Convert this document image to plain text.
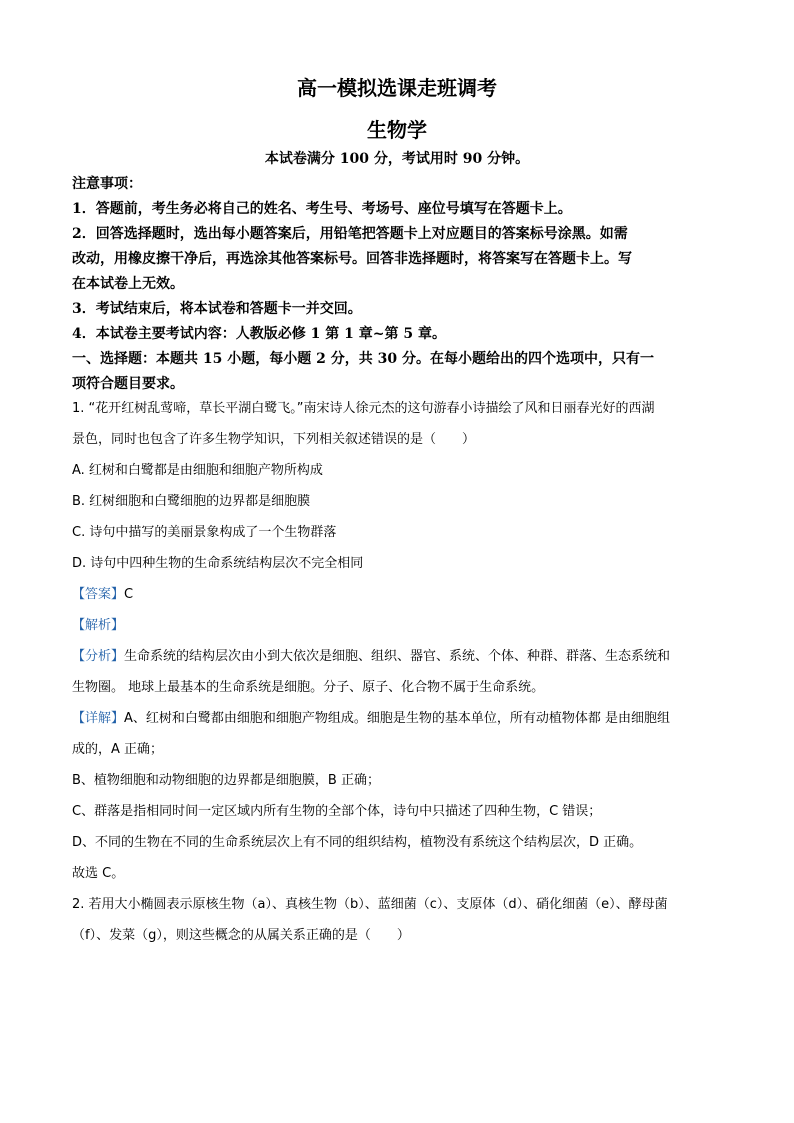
高一模拟选课走班调考
生物学
本试卷满分 100 分，考试用时 90 分钟。

注意事项：

1．答题前，考生务必将自己的姓名、考生号、考场号、座位号填写在答题卡上。

2．回答选择题时，选出每小题答案后，用铅笔把答题卡上对应题目的答案标号涂黑。如需

改动，用橡皮擦干净后，再选涂其他答案标号。回答非选择题时，将答案写在答题卡上。写

在本试卷上无效。

3．考试结束后，将本试卷和答题卡一并交回。

4．本试卷主要考试内容：人教版必修 1 第 1 章~第 5 章。

一、选择题：本题共 15 小题，每小题 2 分，共 30 分。在每小题给出的四个选项中，只有一

项符合题目要求。

1. “花开红树乱莺啼，草长平湖白鹭飞。”南宋诗人徐元杰的这句游春小诗描绘了风和日丽春光好的西湖

景色，同时也包含了许多生物学知识，下列相关叙述错误的是（　　）

A. 红树和白鹭都是由细胞和细胞产物所构成

B. 红树细胞和白鹭细胞的边界都是细胞膜

C. 诗句中描写的美丽景象构成了一个生物群落

D. 诗句中四种生物的生命系统结构层次不完全相同

【答案】C

【解析】

【分析】生命系统的结构层次由小到大依次是细胞、组织、器官、系统、个体、种群、群落、生态系统和

生物圈。 地球上最基本的生命系统是细胞。分子、原子、化合物不属于生命系统。

【详解】A、红树和白鹭都由细胞和细胞产物组成。细胞是生物的基本单位，所有动植物体都 是由细胞组

成的，A 正确；

B、植物细胞和动物细胞的边界都是细胞膜，B 正确；

C、群落是指相同时间一定区域内所有生物的全部个体，诗句中只描述了四种生物，C 错误；

D、不同的生物在不同的生命系统层次上有不同的组织结构，植物没有系统这个结构层次，D 正确。

故选 C。

2. 若用大小椭圆表示原核生物（a）、真核生物（b）、蓝细菌（c）、支原体（d）、硝化细菌（e）、酵母菌

（f）、发菜（g），则这些概念的从属关系正确的是（　　）
